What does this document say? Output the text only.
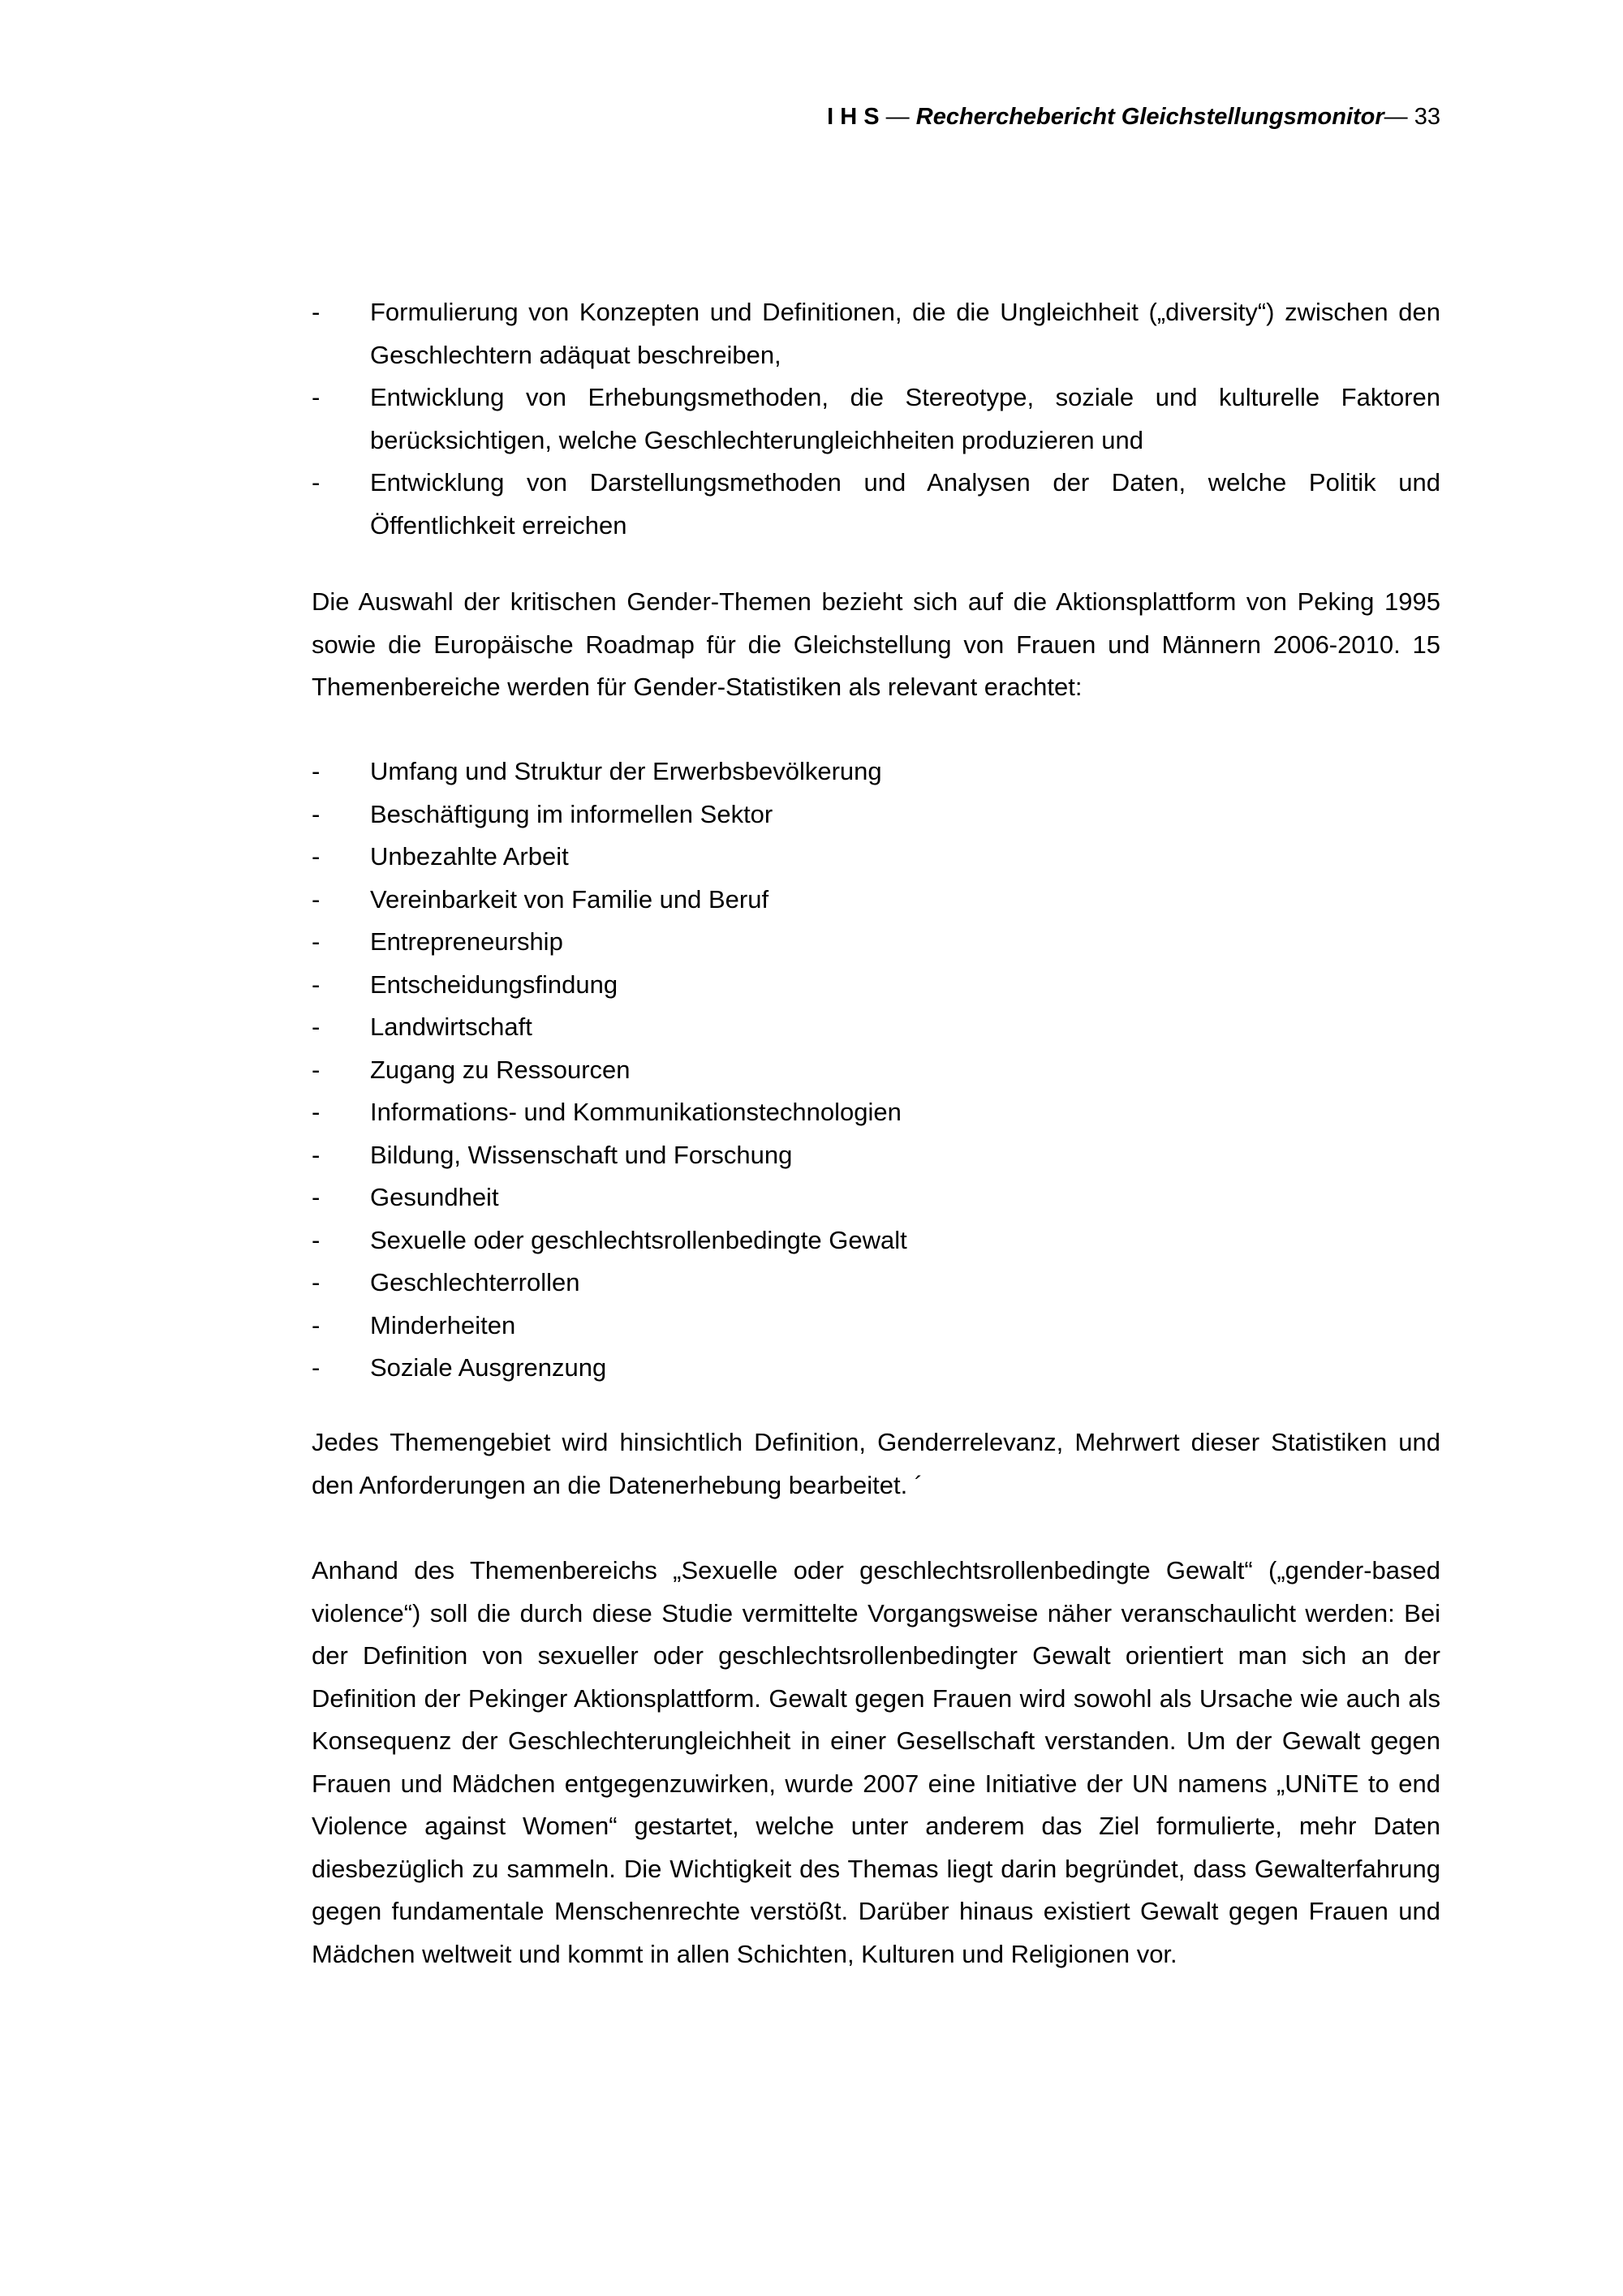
I H S — Recherchebericht Gleichstellungsmonitor— 33
- Formulierung von Konzepten und Definitionen, die die Ungleichheit („diversity“) zwischen den Geschlechtern adäquat beschreiben,
- Entwicklung von Erhebungsmethoden, die Stereotype, soziale und kulturelle Faktoren berücksichtigen, welche Geschlechterungleichheiten produzieren und
- Entwicklung von Darstellungsmethoden und Analysen der Daten, welche Politik und Öffentlichkeit erreichen

Die Auswahl der kritischen Gender-Themen bezieht sich auf die Aktionsplattform von Peking 1995 sowie die Europäische Roadmap für die Gleichstellung von Frauen und Männern 2006-2010. 15 Themenbereiche werden für Gender-Statistiken als relevant erachtet:

- Umfang und Struktur der Erwerbsbevölkerung
- Beschäftigung im informellen Sektor
- Unbezahlte Arbeit
- Vereinbarkeit von Familie und Beruf
- Entrepreneurship
- Entscheidungsfindung
- Landwirtschaft
- Zugang zu Ressourcen
- Informations- und Kommunikationstechnologien
- Bildung, Wissenschaft und Forschung
- Gesundheit
- Sexuelle oder geschlechtsrollenbedingte Gewalt
- Geschlechterrollen
- Minderheiten
- Soziale Ausgrenzung

Jedes Themengebiet wird hinsichtlich Definition, Genderrelevanz, Mehrwert dieser Statistiken und den Anforderungen an die Datenerhebung bearbeitet. ´

Anhand des Themenbereichs „Sexuelle oder geschlechtsrollenbedingte Gewalt“ („gender-based violence“) soll die durch diese Studie vermittelte Vorgangsweise näher veranschaulicht werden: Bei der Definition von sexueller oder geschlechtsrollenbedingter Gewalt orientiert man sich an der Definition der Pekinger Aktionsplattform. Gewalt gegen Frauen wird sowohl als Ursache wie auch als Konsequenz der Geschlechterungleichheit in einer Gesellschaft verstanden. Um der Gewalt gegen Frauen und Mädchen entgegenzuwirken, wurde 2007 eine Initiative der UN namens „UNiTE to end Violence against Women“ gestartet, welche unter anderem das Ziel formulierte, mehr Daten diesbezüglich zu sammeln. Die Wichtigkeit des Themas liegt darin begründet, dass Gewalterfahrung gegen fundamentale Menschenrechte verstößt. Darüber hinaus existiert Gewalt gegen Frauen und Mädchen weltweit und kommt in allen Schichten, Kulturen und Religionen vor.
